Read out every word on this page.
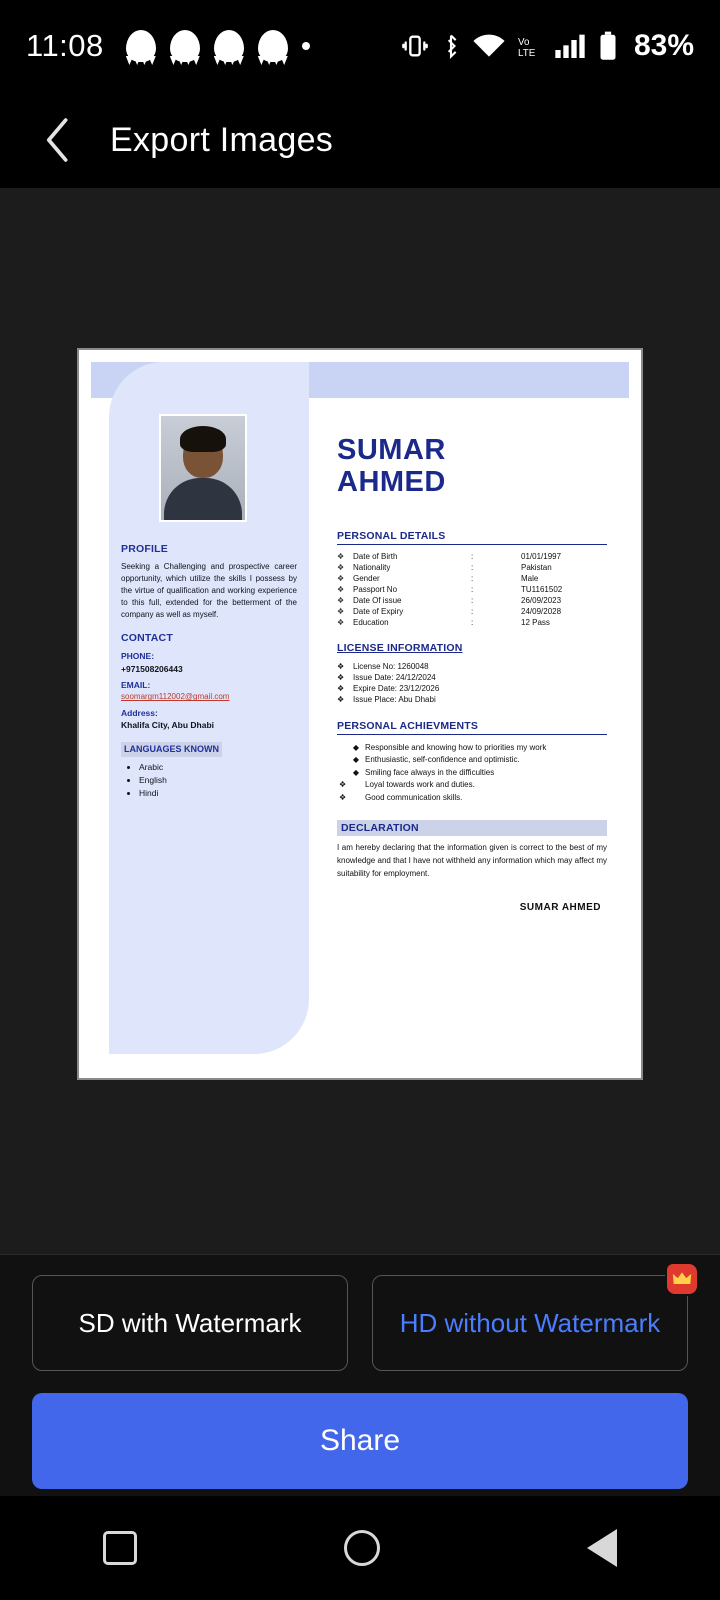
11:08	Vo
LTE	83%
Export Images
PROFILE
Seeking a Challenging and prospective career opportunity, which utilize the skills I possess by the virtue of qualification and working experience to this full, extended for the betterment of the company as well as myself.
CONTACT
PHONE:
+971508206443
EMAIL:
soomargm112002@gmail.com
Address:
Khalifa City, Abu Dhabi
LANGUAGES KNOWN
• Arabic
• English
• Hindi
SUMAR
AHMED
PERSONAL DETAILS
❖	Date of Birth	:	01/01/1997
❖	Nationality	:	Pakistan
❖	Gender	:	Male
❖	Passport No	:	TU1161502
❖	Date Of issue	:	26/09/2023
❖	Date of Expiry	:	24/09/2028
❖	Education	:	12 Pass
LICENSE INFORMATION
❖	License No: 1260048
❖	Issue Date: 24/12/2024
❖	Expire Date: 23/12/2026
❖	Issue Place: Abu Dhabi
PERSONAL ACHIEVMENTS
◆ Responsible and knowing how to priorities my work
◆ Enthusiastic, self-confidence and optimistic.
◆ Smiling face always in the difficulties
❖	Loyal towards work and duties.
❖	Good communication skills.
DECLARATION
I am hereby declaring that the information given is correct to the best of my knowledge and that I have not withheld any information which may affect my suitability for employment.
SUMAR AHMED
SD with Watermark	HD without Watermark
Share
